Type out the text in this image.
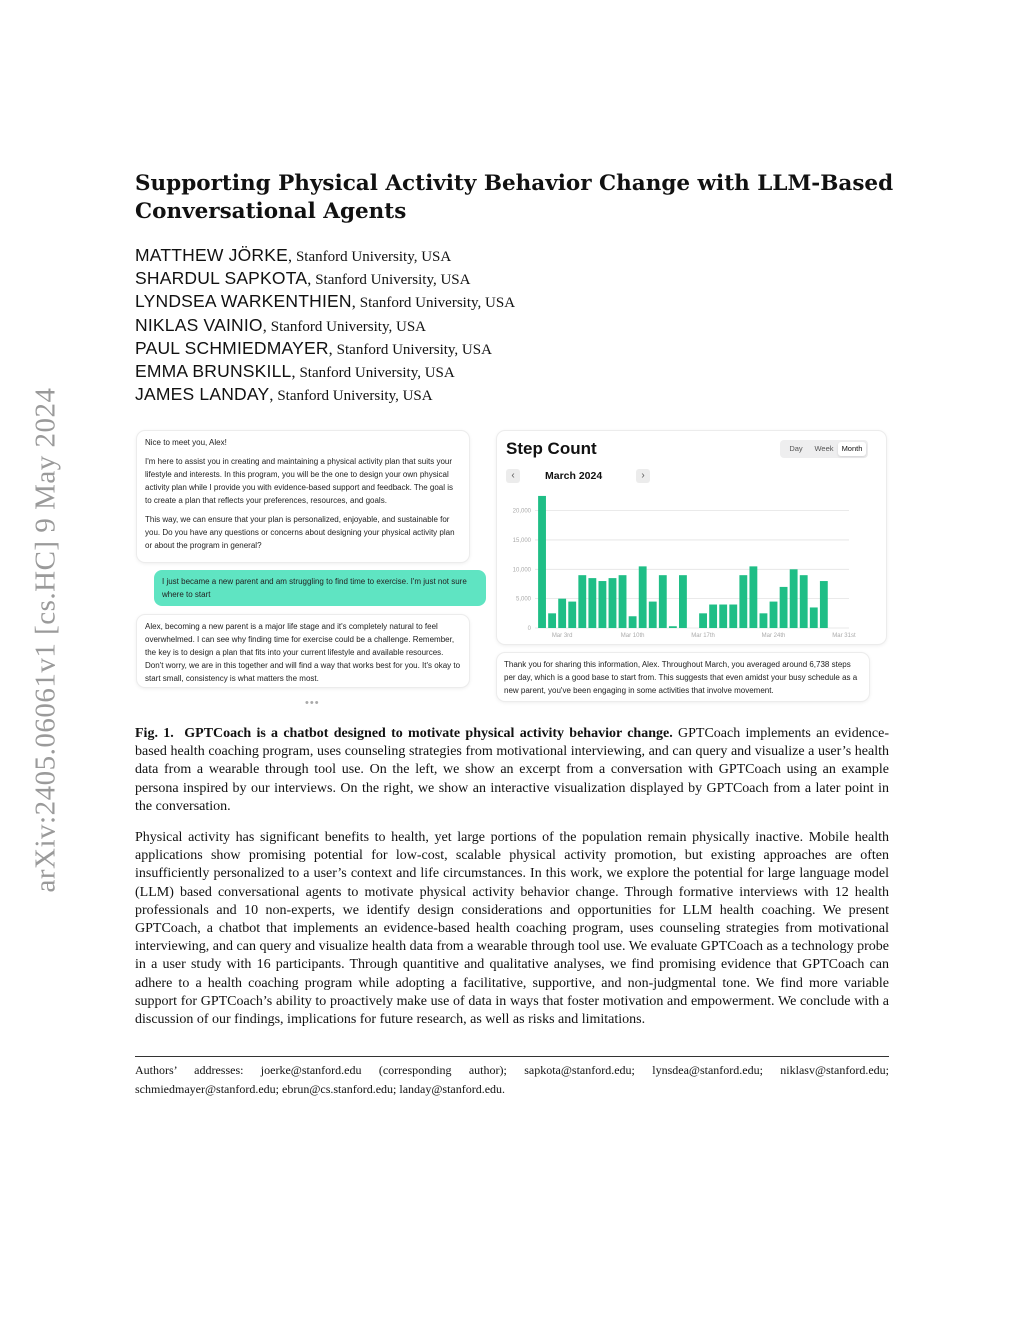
arXiv:2405.06061v1 [cs.HC] 9 May 2024
Supporting Physical Activity Behavior Change with LLM-Based Conversational Agents
MATTHEW JÖRKE, Stanford University, USA
SHARDUL SAPKOTA, Stanford University, USA
LYNDSEA WARKENTHIEN, Stanford University, USA
NIKLAS VAINIO, Stanford University, USA
PAUL SCHMIEDMAYER, Stanford University, USA
EMMA BRUNSKILL, Stanford University, USA
JAMES LANDAY, Stanford University, USA

Nice to meet you, Alex!

I'm here to assist you in creating and maintaining a physical activity plan that suits your lifestyle and interests. In this program, you will be the one to design your own physical activity plan while I provide you with evidence-based support and feedback. The goal is to create a plan that reflects your preferences, resources, and goals.

This way, we can ensure that your plan is personalized, enjoyable, and sustainable for you. Do you have any questions or concerns about designing your physical activity plan or about the program in general?

I just became a new parent and am struggling to find time to exercise. I'm just not sure where to start

Alex, becoming a new parent is a major life stage and it's completely natural to feel overwhelmed. I can see why finding time for exercise could be a challenge. Remember, the key is to design a plan that fits into your current lifestyle and available resources. Don't worry, we are in this together and will find a way that works best for you. It's okay to start small, consistency is what matters the most.

•••
Step Count	Day	Week	Month
‹	March 2024	›
0
5,000
10,000
15,000
20,000
Mar 3rd	Mar 10th	Mar 17th	Mar 24th	Mar 31st
Thank you for sharing this information, Alex. Throughout March, you averaged around 6,738 steps per day, which is a good base to start from. This suggests that even amidst your busy schedule as a new parent, you've been engaging in some activities that involve movement.

Fig. 1. GPTCoach is a chatbot designed to motivate physical activity behavior change. GPTCoach implements an evidence-based health coaching program, uses counseling strategies from motivational interviewing, and can query and visualize a user’s health data from a wearable through tool use. On the left, we show an excerpt from a conversation with GPTCoach using an example persona inspired by our interviews. On the right, we show an interactive visualization displayed by GPTCoach from a later point in the conversation.

Physical activity has significant benefits to health, yet large portions of the population remain physically inactive. Mobile health applications show promising potential for low-cost, scalable physical activity promotion, but existing approaches are often insufficiently personalized to a user’s context and life circumstances. In this work, we explore the potential for large language model (LLM) based conversational agents to motivate physical activity behavior change. Through formative interviews with 12 health professionals and 10 non-experts, we identify design considerations and opportunities for LLM health coaching. We present GPTCoach, a chatbot that implements an evidence-based health coaching program, uses counseling strategies from motivational interviewing, and can query and visualize health data from a wearable through tool use. We evaluate GPTCoach as a technology probe in a user study with 16 participants. Through quantitive and qualitative analyses, we find promising evidence that GPTCoach can adhere to a health coaching program while adopting a facilitative, supportive, and non-judgmental tone. We find more variable support for GPTCoach’s ability to proactively make use of data in ways that foster motivation and empowerment. We conclude with a discussion of our findings, implications for future research, as well as risks and limitations.

Authors’ addresses: joerke@stanford.edu (corresponding author); sapkota@stanford.edu; lynsdea@stanford.edu; niklasv@stanford.edu; schmiedmayer@stanford.edu; ebrun@cs.stanford.edu; landay@stanford.edu.
